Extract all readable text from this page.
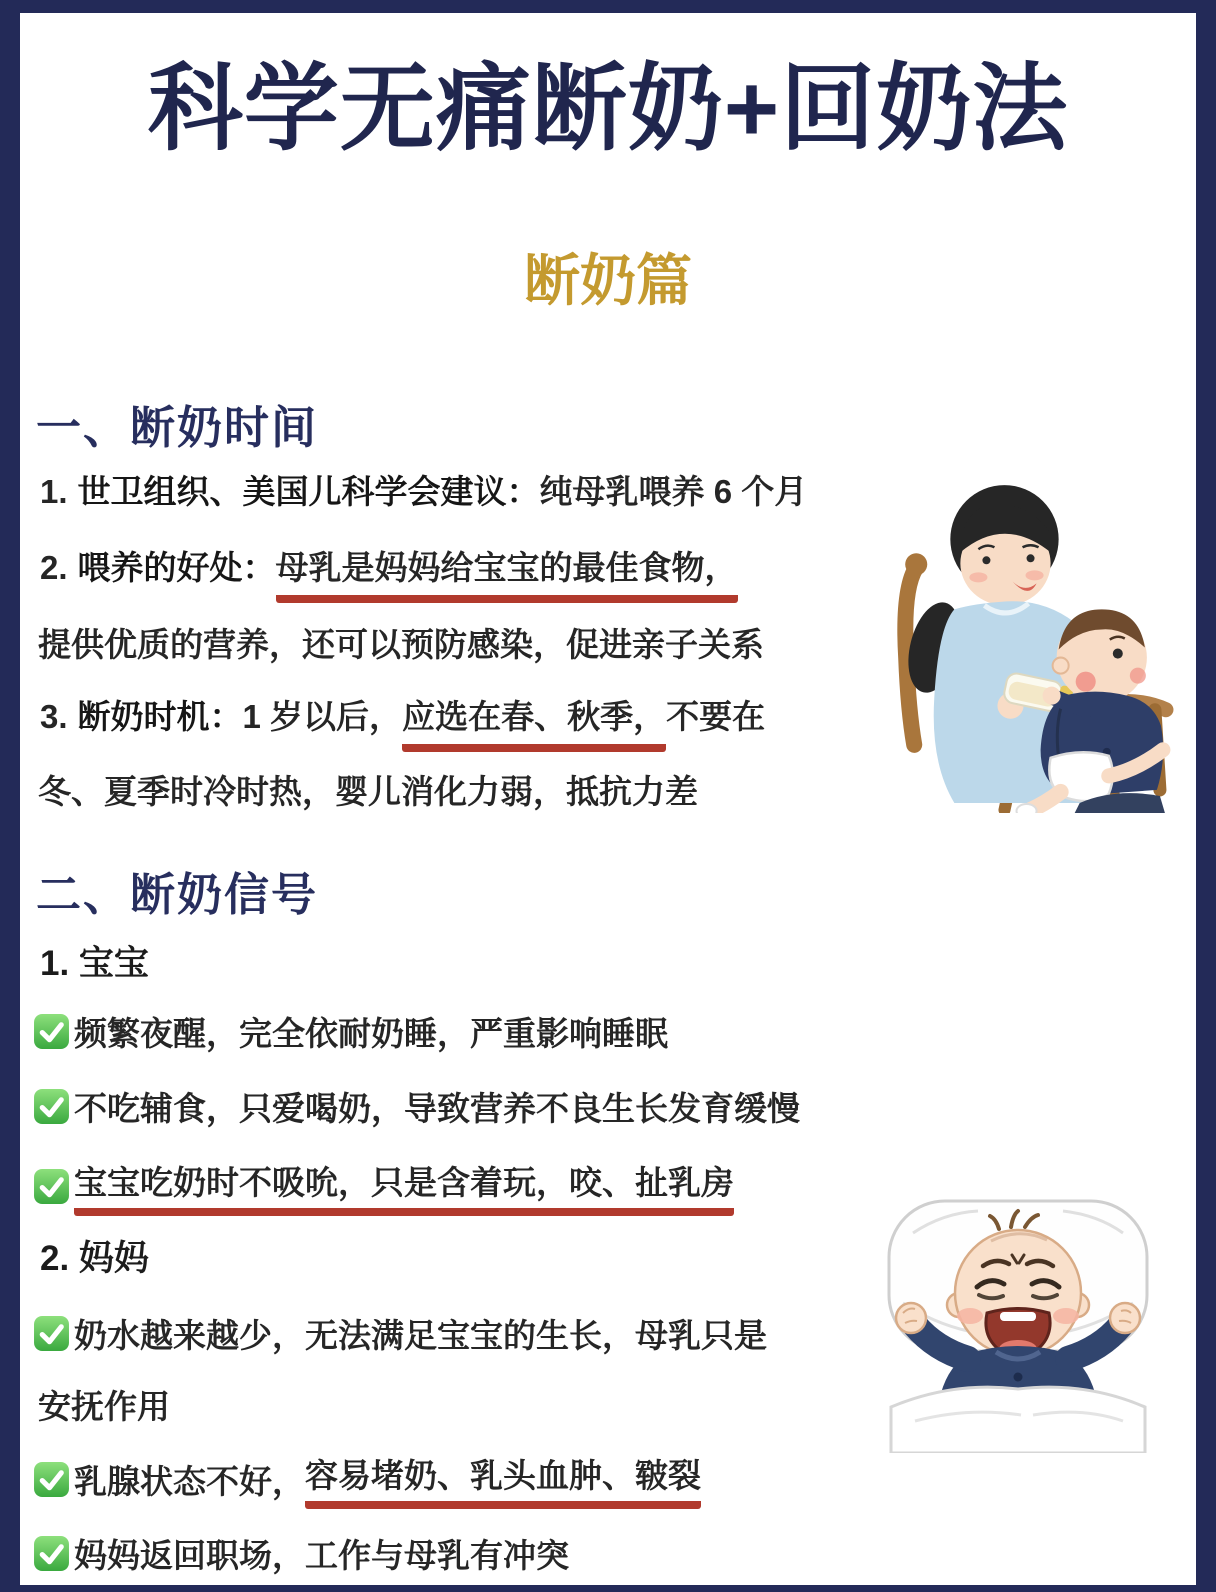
科学无痛断奶+回奶法
断奶篇
一、断奶时间
1. 世卫组织、美国儿科学会建议：纯母乳喂养 6 个月
2. 喂养的好处：母乳是妈妈给宝宝的最佳食物，
提供优质的营养，还可以预防感染，促进亲子关系
3. 断奶时机：1 岁以后，应选在春、秋季，不要在
冬、夏季时冷时热，婴儿消化力弱，抵抗力差
二、断奶信号
1. 宝宝
频繁夜醒，完全依耐奶睡，严重影响睡眠
不吃辅食，只爱喝奶，导致营养不良生长发育缓慢
宝宝吃奶时不吸吮，只是含着玩，咬、扯乳房
2. 妈妈
奶水越来越少，无法满足宝宝的生长，母乳只是
安抚作用
乳腺状态不好， 容易堵奶、乳头血肿、皲裂
妈妈返回职场，工作与母乳有冲突
